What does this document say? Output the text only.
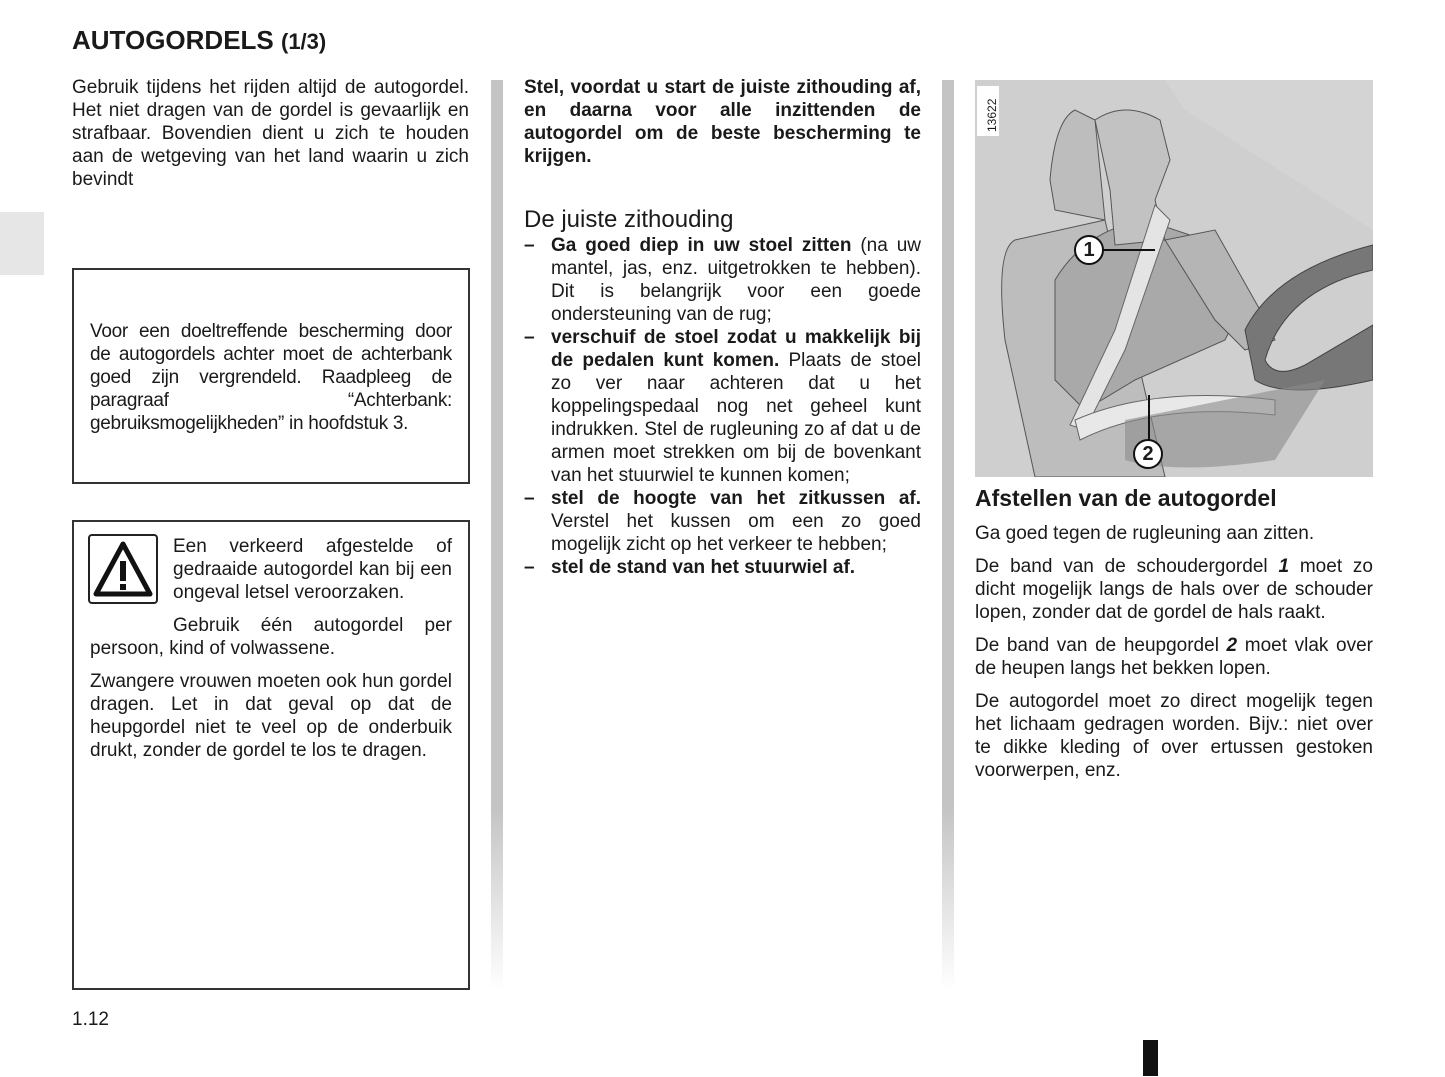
AUTOGORDELS (1/3)

Gebruik tijdens het rijden altijd de autogordel. Het niet dragen van de gordel is gevaarlijk en strafbaar. Bovendien dient u zich te houden aan de wetgeving van het land waarin u zich bevindt

Voor een doeltreffende bescherming door de autogordels achter moet de achterbank goed zijn vergrendeld. Raadpleeg de paragraaf “Achterbank: gebruiksmogelijkheden” in hoofdstuk 3.

Een verkeerd afgestelde of gedraaide autogordel kan bij een ongeval letsel veroorzaken.

Gebruik één autogordel per persoon, kind of volwassene.

Zwangere vrouwen moeten ook hun gordel dragen. Let in dat geval op dat de heupgordel niet te veel op de onderbuik drukt, zonder de gordel te los te dragen.

1.12

Stel, voordat u start de juiste zithouding af, en daarna voor alle inzittenden de autogordel om de beste bescherming te krijgen.

De juiste zithouding
– Ga goed diep in uw stoel zitten (na uw mantel, jas, enz. uitgetrokken te hebben). Dit is belangrijk voor een goede ondersteuning van de rug;
– verschuif de stoel zodat u makkelijk bij de pedalen kunt komen. Plaats de stoel zo ver naar achteren dat u het koppelingspedaal nog net geheel kunt indrukken. Stel de rugleuning zo af dat u de armen moet strekken om bij de bovenkant van het stuurwiel te kunnen komen;
– stel de hoogte van het zitkussen af. Verstel het kussen om een zo goed mogelijk zicht op het verkeer te hebben;
– stel de stand van het stuurwiel af.
13622
1
2
Afstellen van de autogordel

Ga goed tegen de rugleuning aan zitten.

De band van de schoudergordel 1 moet zo dicht mogelijk langs de hals over de schouder lopen, zonder dat de gordel de hals raakt.

De band van de heupgordel 2 moet vlak over de heupen langs het bekken lopen.

De autogordel moet zo direct mogelijk tegen het lichaam gedragen worden. Bijv.: niet over te dikke kleding of over ertussen gestoken voorwerpen, enz.
